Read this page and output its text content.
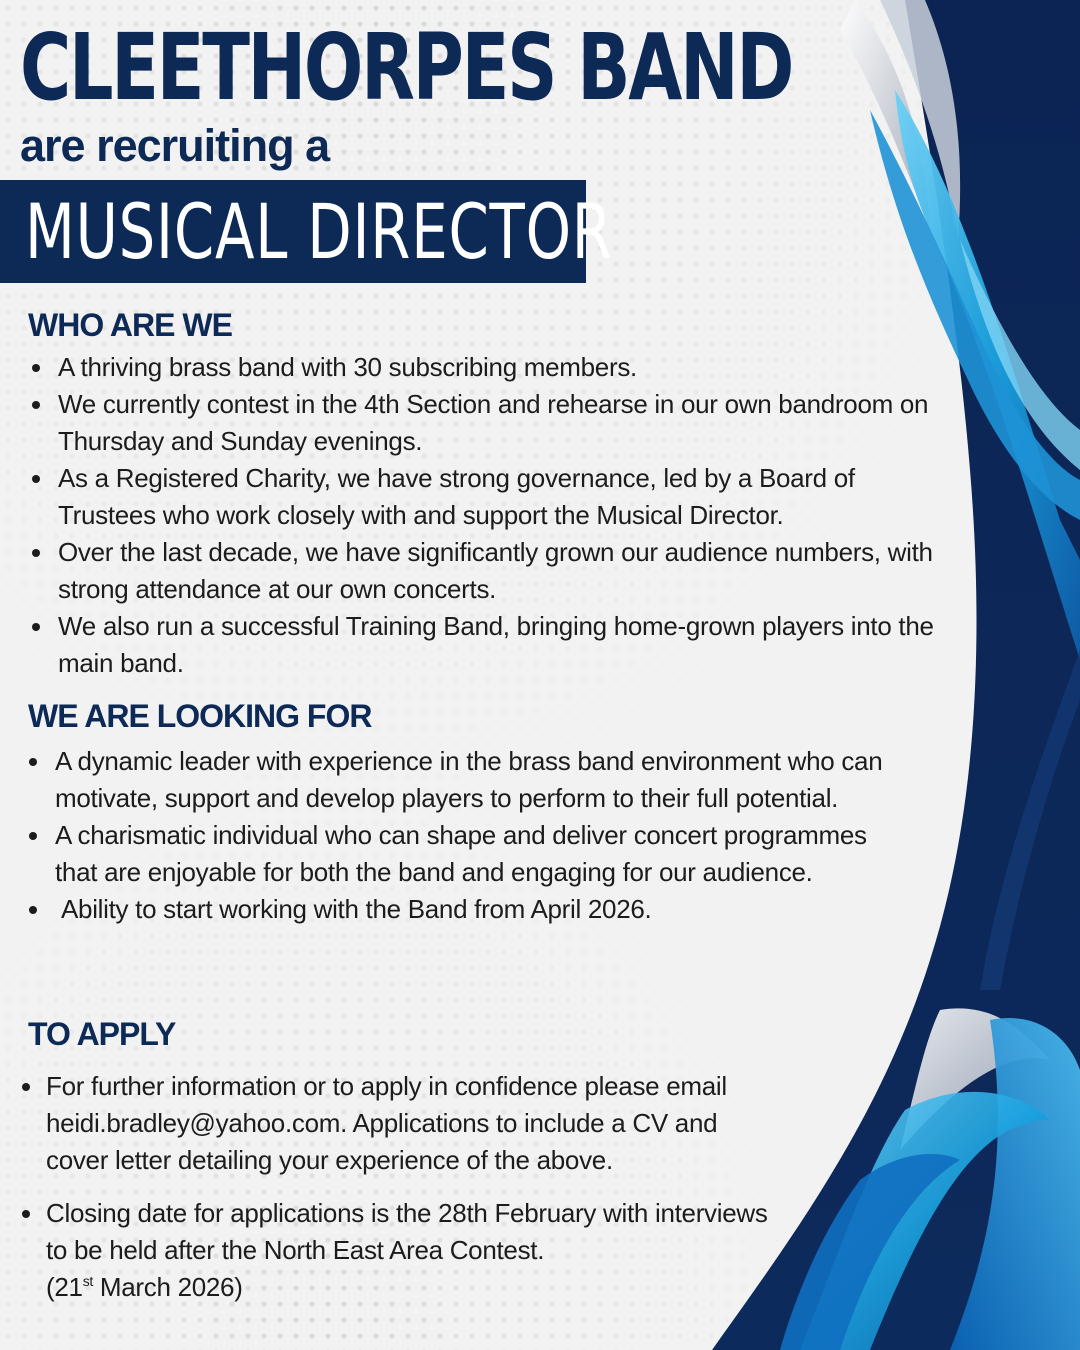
CLEETHORPES BAND
are recruiting a
MUSICAL DIRECTOR
WHO ARE WE
A thriving brass band with 30 subscribing members.
We currently contest in the 4th Section and rehearse in our own bandroom on Thursday and Sunday evenings.
As a Registered Charity, we have strong governance, led by a Board of Trustees who work closely with and support the Musical Director.
Over the last decade, we have significantly grown our audience numbers, with strong attendance at our own concerts.
We also run a successful Training Band, bringing home-grown players into the main band.
WE ARE LOOKING FOR
A dynamic leader with experience in the brass band environment who can motivate, support and develop players to perform to their full potential.
A charismatic individual who can shape and deliver concert programmes that are enjoyable for both the band and engaging for our audience.
Ability to start working with the Band from April 2026.
TO APPLY
For further information or to apply in confidence please email heidi.bradley@yahoo.com. Applications to include a CV and cover letter detailing your experience of the above.
Closing date for applications is the 28th February with interviews to be held after the North East Area Contest.
(21st March 2026)
